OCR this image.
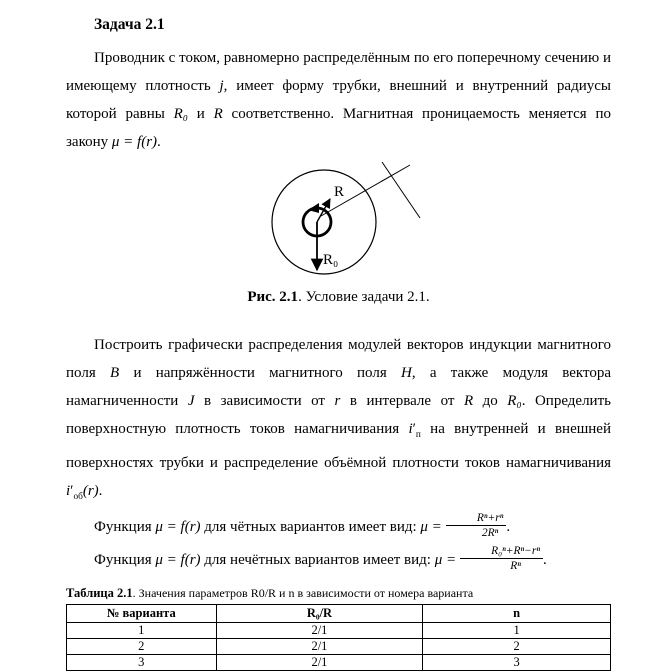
Задача 2.1

Проводник с током, равномерно распределённым по его поперечному сечению и имеющему плотность j, имеет форму трубки, внешний и внутренний радиусы которой равны R₀ и R соответственно. Магнитная проницаемость меняется по закону μ = f(r).

R
R₀

Рис. 2.1. Условие задачи 2.1.

Построить графически распределения модулей векторов индукции магнитного поля B и напряжённости магнитного поля H, а также модуля вектора намагниченности J в зависимости от r в интервале от R до R₀. Определить поверхностную плотность токов намагничивания $i'_п$ на внутренней и внешней поверхностях трубки и распределение объёмной плотности токов намагничивания $i'_{об}(r)$.

Функция μ = f(r) для чётных вариантов имеет вид: $\mu = \frac{\text{Rⁿ+rⁿ}}{\text{2Rⁿ}}$ .

Функция μ = f(r) для нечётных вариантов имеет вид: $\mu = \frac{\text{R₀ⁿ+Rⁿ−rⁿ}}{\text{Rⁿ}}$ .

Таблица 2.1. Значения параметров R0/R и n в зависимости от номера варианта

№ варианта	R₀/R	n
1	2/1	1
2	2/1	2
3	2/1	3
